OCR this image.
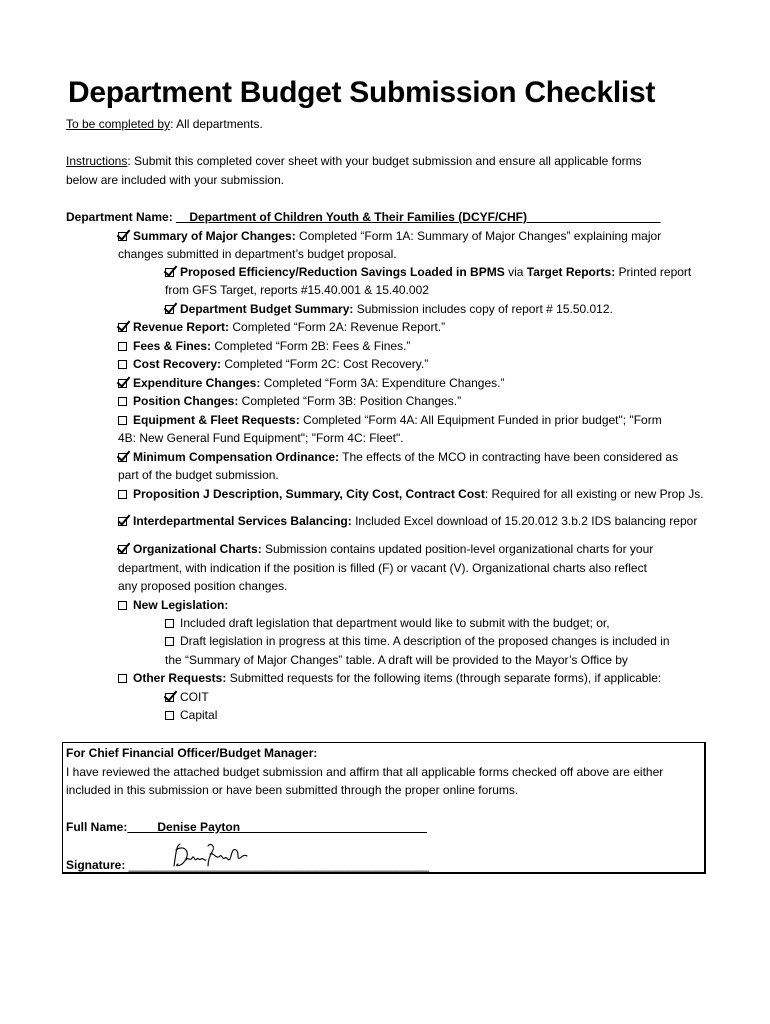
Department Budget Submission Checklist
To be completed by: All departments.
Instructions: Submit this completed cover sheet with your budget submission and ensure all applicable forms
below are included with your submission.
Department Name: __Department of Children Youth & Their Families (DCYF/CHF)____________________
Summary of Major Changes: Completed “Form 1A: Summary of Major Changes” explaining major
changes submitted in department’s budget proposal.
Proposed Efficiency/Reduction Savings Loaded in BPMS via Target Reports: Printed report
from GFS Target, reports #15.40.001 & 15.40.002
Department Budget Summary: Submission includes copy of report # 15.50.012.
Revenue Report: Completed “Form 2A: Revenue Report.”
Fees & Fines: Completed “Form 2B: Fees & Fines.”
Cost Recovery: Completed “Form 2C: Cost Recovery.”
Expenditure Changes: Completed “Form 3A: Expenditure Changes.”
Position Changes: Completed “Form 3B: Position Changes.”
Equipment & Fleet Requests: Completed “Form 4A: All Equipment Funded in prior budget"; "Form
4B: New General Fund Equipment"; "Form 4C: Fleet".
Minimum Compensation Ordinance: The effects of the MCO in contracting have been considered as
part of the budget submission.
Proposition J Description, Summary, City Cost, Contract Cost: Required for all existing or new Prop Js.
Interdepartmental Services Balancing: Included Excel download of 15.20.012 3.b.2 IDS balancing repor
Organizational Charts: Submission contains updated position-level organizational charts for your
department, with indication if the position is filled (F) or vacant (V). Organizational charts also reflect
any proposed position changes.
New Legislation:
Included draft legislation that department would like to submit with the budget; or,
Draft legislation in progress at this time. A description of the proposed changes is included in
the “Summary of Major Changes” table. A draft will be provided to the Mayor’s Office by
Other Requests: Submitted requests for the following items (through separate forms), if applicable:
COIT
Capital
For Chief Financial Officer/Budget Manager:
I have reviewed the attached budget submission and affirm that all applicable forms checked off above are either
included in this submission or have been submitted through the proper online forums.
Full Name: ____Denise Payton____________________________
Signature: _____________________________________________
